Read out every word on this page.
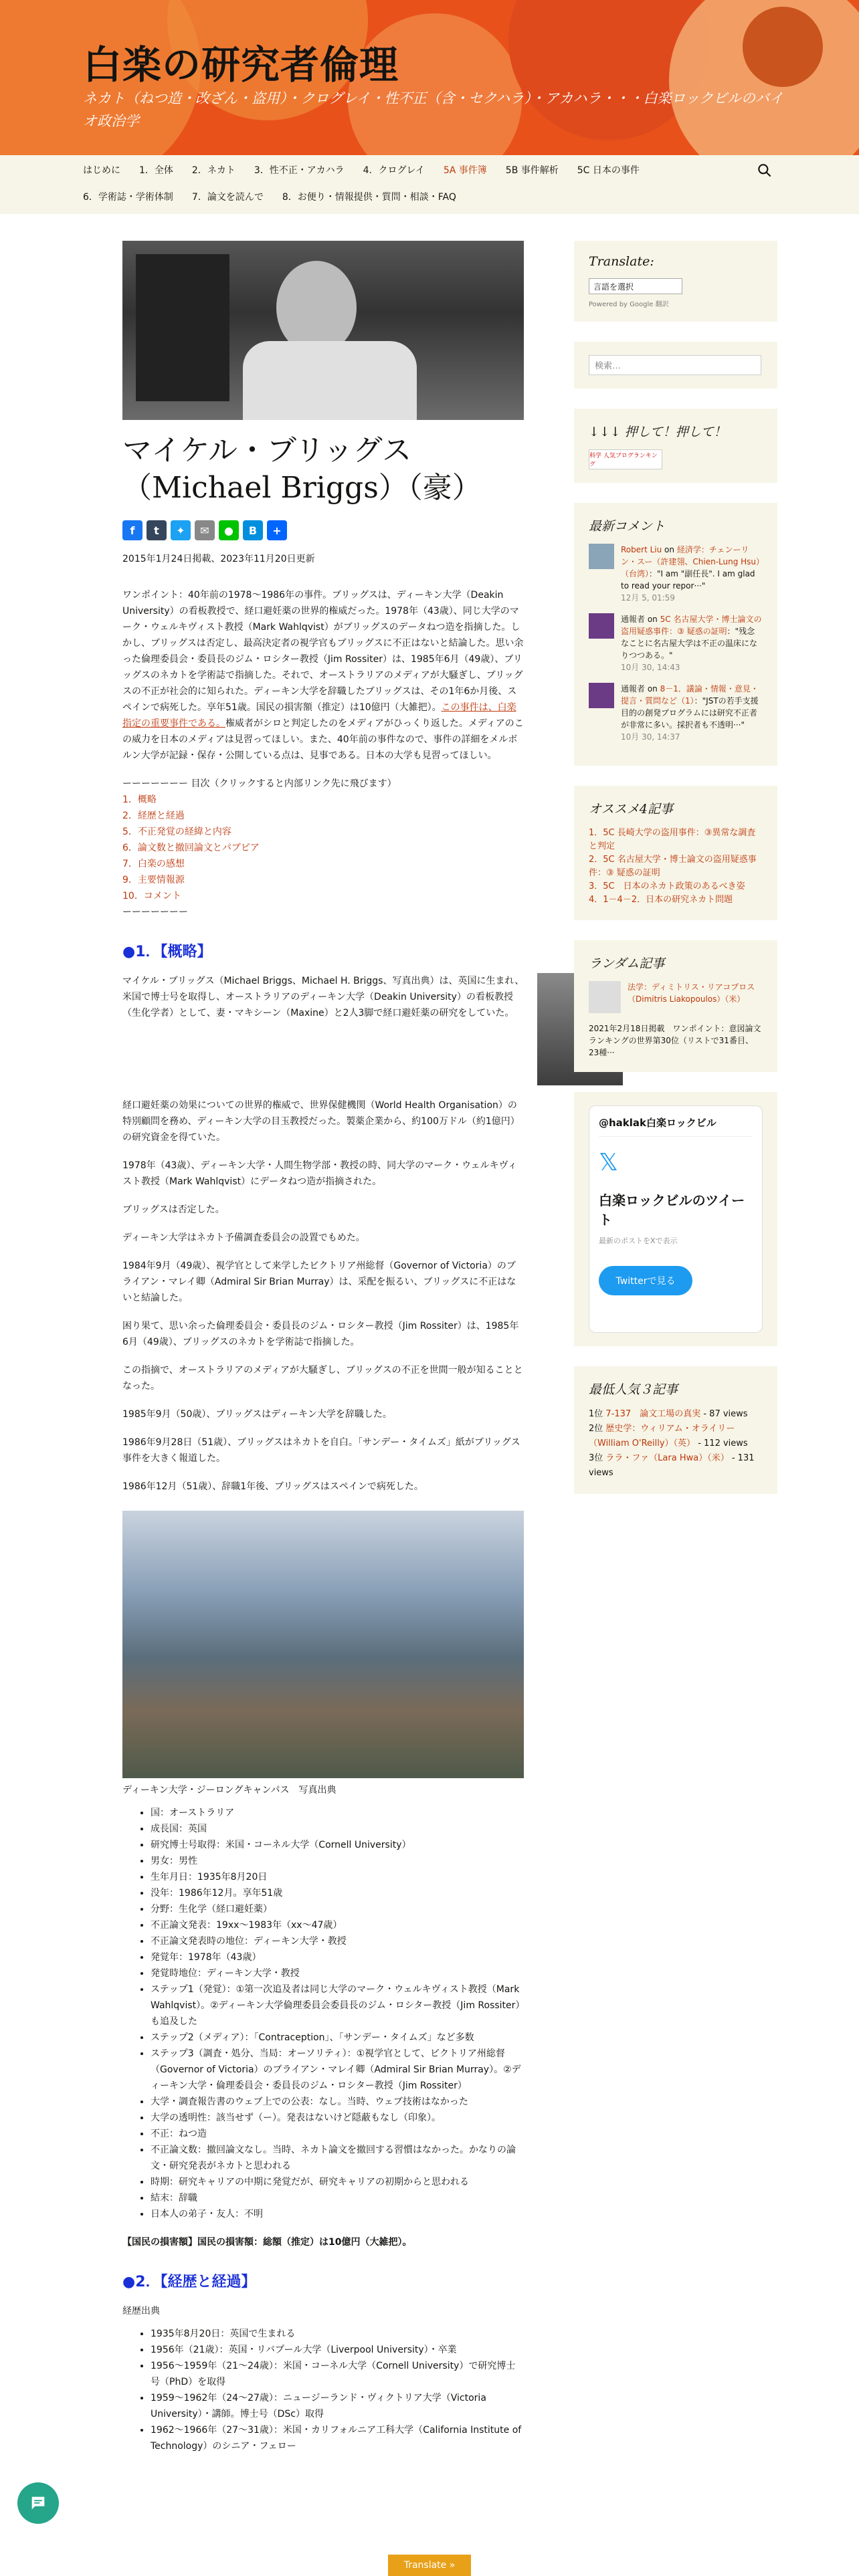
白楽の研究者倫理
ネカト（ねつ造・改ざん・盗用）・クログレイ・性不正（含・セクハラ）・アカハラ・・・白楽ロックビルのバイオ政治学
はじめに	1．全体	2．ネカト	3．性不正・アカハラ	4．クログレイ	5A 事件簿	5B 事件解析	5C 日本の事件
6．学術誌・学術体制	7．論文を読んで	8．お便り・情報提供・質問・相談・FAQ
マイケル・ブリッグス（Michael Briggs）（豪）
f	t	✦	✉	●	B	+
2015年1月24日掲載、2023年11月20日更新

ワンポイント：40年前の1978〜1986年の事件。ブリッグスは、ディーキン大学（Deakin University）の看板教授で、経口避妊薬の世界的権威だった。1978年（43歳）、同じ大学のマーク・ウェルキヴィスト教授（Mark Wahlqvist）がブリッグスのデータねつ造を指摘した。しかし、ブリッグスは否定し、最高決定者の視学官もブリッグスに不正はないと結論した。思い余った倫理委員会・委員長のジム・ロシター教授（Jim Rossiter）は、1985年6月（49歳）、ブリッグスのネカトを学術誌で指摘した。それで、オーストラリアのメディアが大騒ぎし、ブリッグスの不正が社会的に知られた。ディーキン大学を辞職したブリッグスは、その1年6か月後、スペインで病死した。享年51歳。国民の損害額（推定）は10億円（大雑把）。この事件は、白楽指定の重要事件である。権威者がシロと判定したのをメディアがひっくり返した。メディアのこの威力を日本のメディアは見習ってほしい。また、40年前の事件なので、事件の詳細をメルボルン大学が記録・保存・公開している点は、見事である。日本の大学も見習ってほしい。

ーーーーーーー 目次（クリックすると内部リンク先に飛びます）
1．概略
2．経歴と経過
5．不正発覚の経緯と内容
6．論文数と撤回論文とパブピア
7．白楽の感想
9．主要情報源
10．コメント
ーーーーーーー
●1．【概略】

マイケル・ブリッグス（Michael Briggs、Michael H. Briggs、写真出典）は、英国に生まれ、米国で博士号を取得し、オーストラリアのディーキン大学（Deakin University）の看板教授（生化学者）として、妻・マキシーン（Maxine）と2人3脚で経口避妊薬の研究をしていた。

経口避妊薬の効果についての世界的権威で、世界保健機関（World Health Organisation）の特別顧問を務め、ディーキン大学の目玉教授だった。製薬企業から、約100万ドル（約1億円）の研究資金を得ていた。

1978年（43歳）、ディーキン大学・人間生物学部・教授の時、同大学のマーク・ウェルキヴィスト教授（Mark Wahlqvist）にデータねつ造が指摘された。

ブリッグスは否定した。

ディーキン大学はネカト予備調査委員会の設置でもめた。

1984年9月（49歳）、視学官として来学したビクトリア州総督（Governor of Victoria）のブライアン・マレイ卿（Admiral Sir Brian Murray）は、采配を振るい、ブリッグスに不正はないと結論した。

困り果て、思い余った倫理委員会・委員長のジム・ロシター教授（Jim Rossiter）は、1985年6月（49歳）、ブリッグスのネカトを学術誌で指摘した。

この指摘で、オーストラリアのメディアが大騒ぎし、ブリッグスの不正を世間一般が知ることとなった。

1985年9月（50歳）、ブリッグスはディーキン大学を辞職した。

1986年9月28日（51歳）、ブリッグスはネカトを自白。「サンデー・タイムズ」紙がブリッグス事件を大きく報道した。

1986年12月（51歳）、辞職1年後、ブリッグスはスペインで病死した。

ディーキン大学・ジーロングキャンパス　写真出典
• 国：オーストラリア
• 成長国：英国
• 研究博士号取得：米国・コーネル大学（Cornell University）
• 男女：男性
• 生年月日：1935年8月20日
• 没年：1986年12月。享年51歳
• 分野：生化学（経口避妊薬）
• 不正論文発表：19xx〜1983年（xx〜47歳）
• 不正論文発表時の地位：ディーキン大学・教授
• 発覚年：1978年（43歳）
• 発覚時地位：ディーキン大学・教授
• ステップ1（発覚）：①第一次追及者は同じ大学のマーク・ウェルキヴィスト教授（Mark Wahlqvist）。②ディーキン大学倫理委員会委員長のジム・ロシター教授（Jim Rossiter）も追及した
• ステップ2（メディア）：「Contraception」、「サンデー・タイムズ」など多数
• ステップ3（調査・処分、当局：オーソリティ）：①視学官として、ビクトリア州総督（Governor of Victoria）のブライアン・マレイ卿（Admiral Sir Brian Murray）。②ディーキン大学・倫理委員会・委員長のジム・ロシター教授（Jim Rossiter）
• 大学・調査報告書のウェブ上での公表：なし。当時、ウェブ技術はなかった
• 大学の透明性：該当せず（ー）。発表はないけど隠蔽もなし（印象）。
• 不正：ねつ造
• 不正論文数：撤回論文なし。当時、ネカト論文を撤回する習慣はなかった。かなりの論文・研究発表がネカトと思われる
• 時期：研究キャリアの中期に発覚だが、研究キャリアの初期からと思われる
• 結末：辞職
• 日本人の弟子・友人：不明

【国民の損害額】国民の損害額：総額（推定）は10億円（大雑把）。

●2．【経歴と経過】

経歴出典

• 1935年8月20日：英国で生まれる
• 1956年（21歳）：英国・リバプール大学（Liverpool University）・卒業
• 1956〜1959年（21〜24歳）：米国・コーネル大学（Cornell University）で研究博士号（PhD）を取得
• 1959〜1962年（24〜27歳）：ニュージーランド・ヴィクトリア大学（Victoria University）・講師。博士号（DSc）取得
• 1962〜1966年（27〜31歳）：米国・カリフォルニア工科大学（California Institute of Technology）のシニア・フェロー
Translate:
言語を選択
Powered by Google 翻訳
検索…
↓↓↓ 押して！押して！
科学 人気ブログランキング
最新コメント
Robert Liu on 経済学：チェンーリン・スー（許建翎、Chien-Lung Hsu）（台湾）："I am "副任長". I am glad to read your repor···"
12月 5, 01:59
通報者 on 5C 名古屋大学・博士論文の盗用疑惑事件：③ 疑惑の証明："残念なことに名古屋大学は不正の温床になりつつある。"
10月 30, 14:43
通報者 on 8－1．議論・情報・意見・提言・質問など（1）："JSTの若手支援目的の創発プログラムには研究不正者が非常に多い。採択者も不透明···"
10月 30, 14:37
オススメ4記事
1．5C 長崎大学の盗用事件：③異常な調査と判定
2．5C 名古屋大学・博士論文の盗用疑惑事件：③ 疑惑の証明
3．5C　日本のネカト政策のあるべき姿
4．1－4－2．日本の研究ネカト問題
ランダム記事
法学：ディミトリス・リアコプロス（Dimitris Liakopoulos）（米）
2021年2月18日掲載　ワンポイント：意図論文ランキングの世界第30位（リストで31番目、23種···
@haklak白楽ロックビル
𝕏
白楽ロックビルのツイート
最新のポストをXで表示
Twitterで見る
最低人気３記事
1位 7-137　論文工場の真実 - 87 views
2位 歴史学：ウィリアム・オライリー（William O'Reilly）（英） - 112 views
3位 ララ・ファ（Lara Hwa）（米） - 131 views
Translate »
